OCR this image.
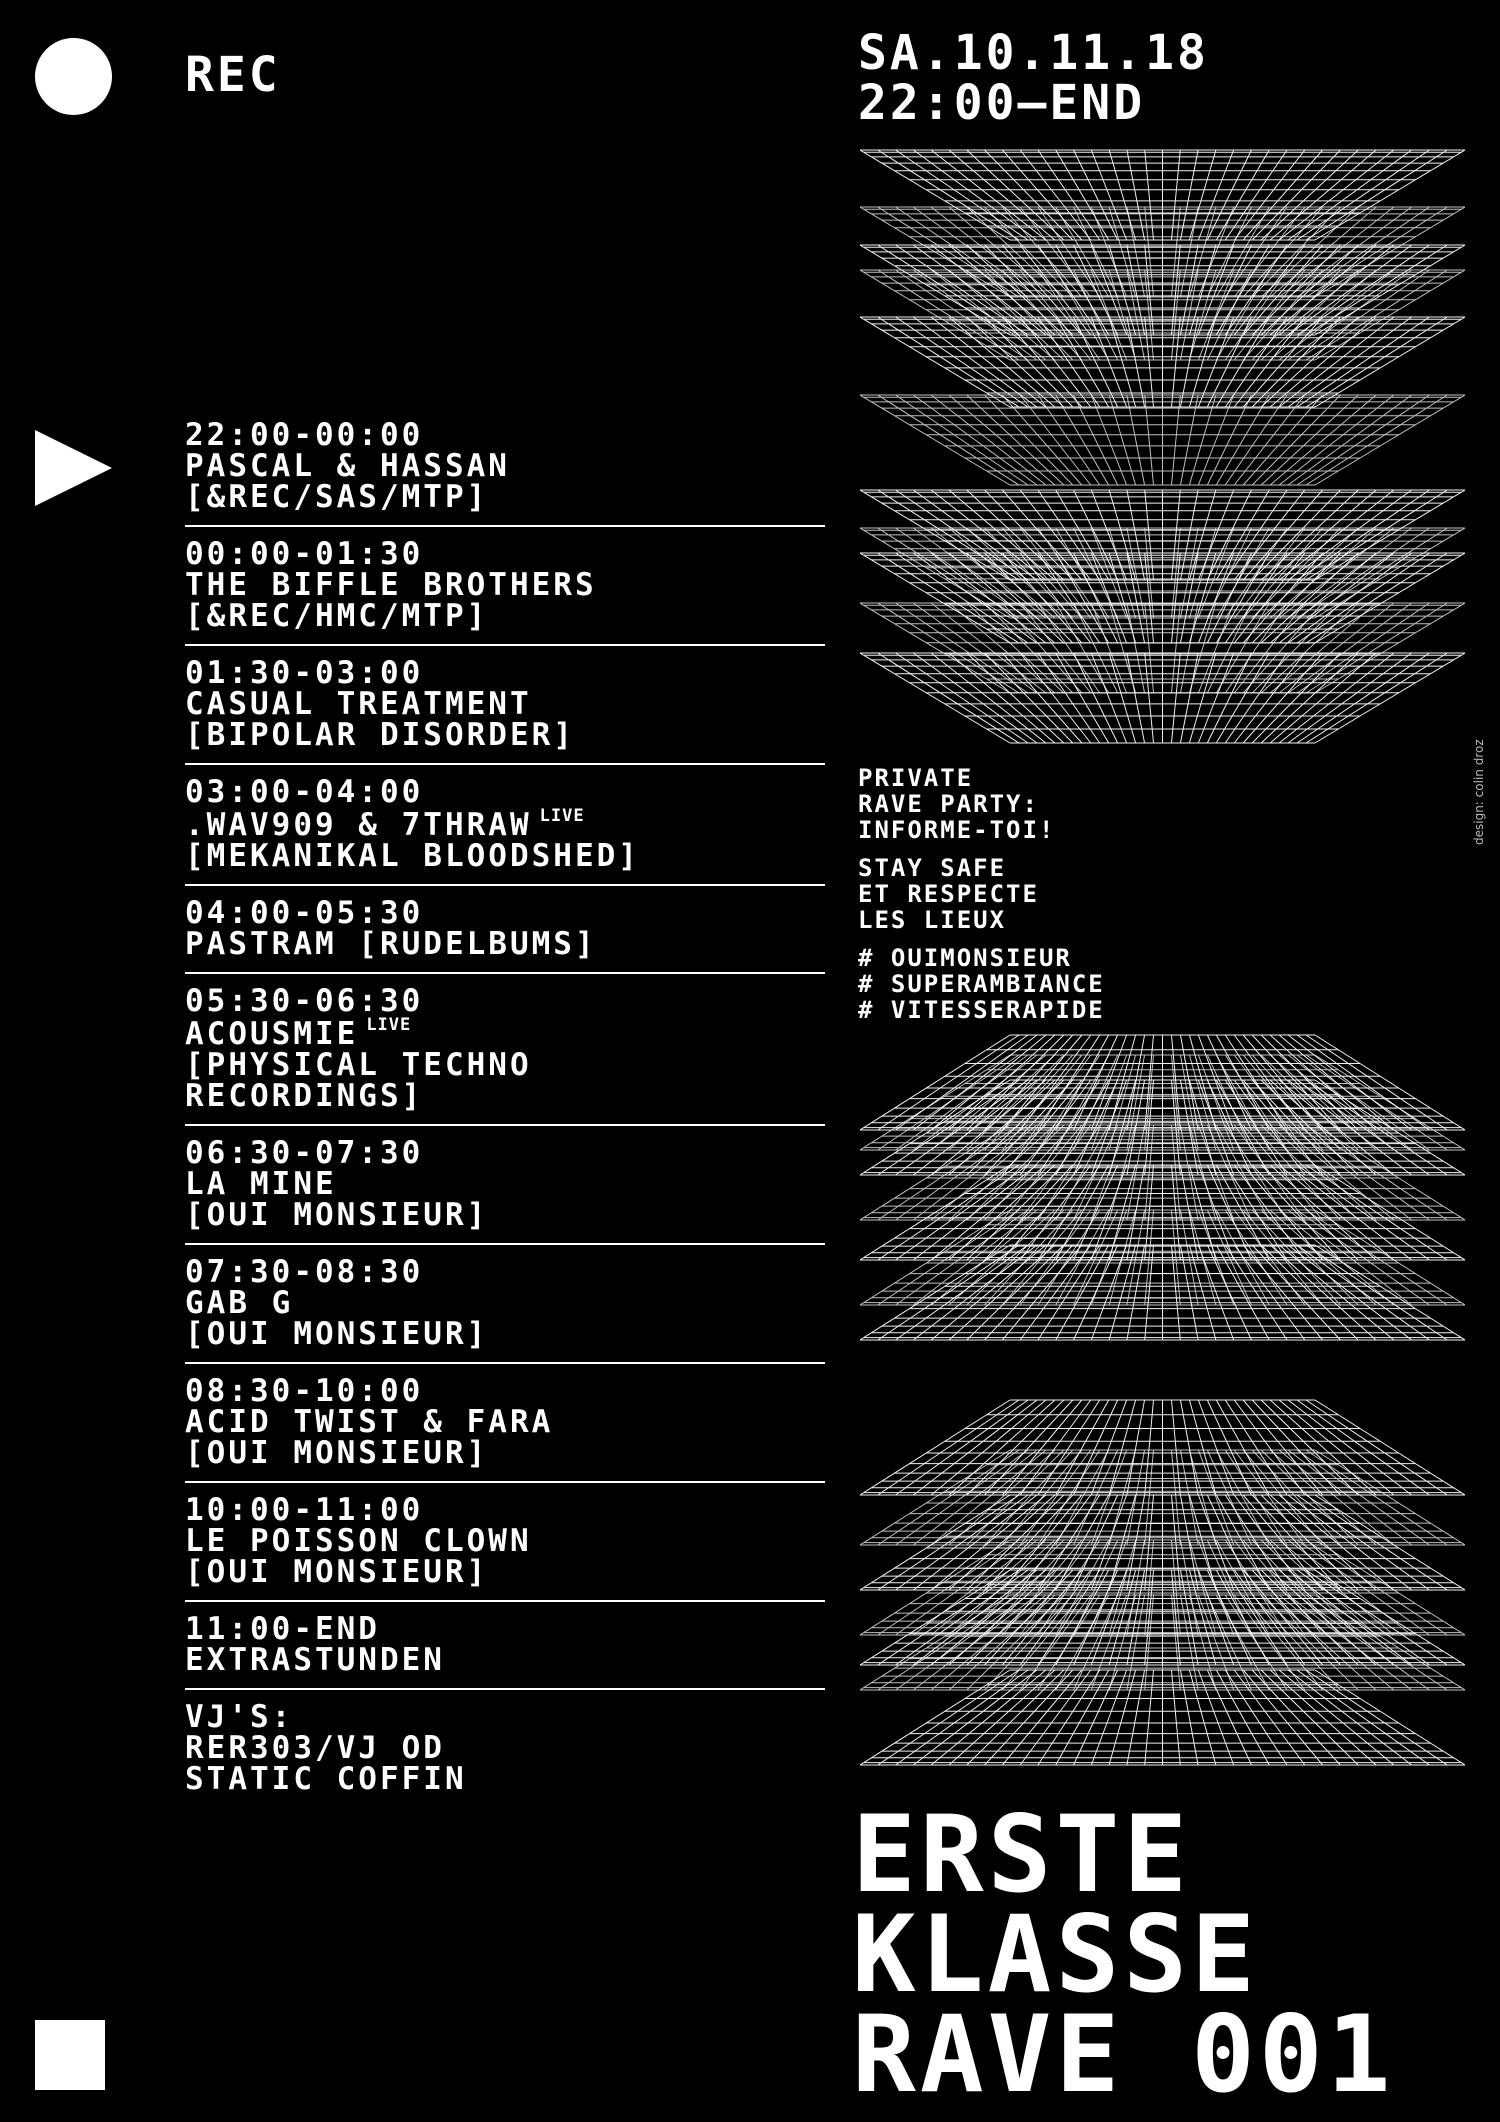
REC	SA.10.11.18
22:00—END
22:00-00:00
PASCAL & HASSAN
[&REC/SAS/MTP]
00:00-01:30
THE BIFFLE BROTHERS
[&REC/HMC/MTP]
01:30-03:00
CASUAL TREATMENT
[BIPOLAR DISORDER]
03:00-04:00
.WAV909 & 7THRAW $^{LIVE}$
[MEKANIKAL BLOODSHED]
04:00-05:30
PASTRAM [RUDELBUMS]
05:30-06:30
ACOUSMIE $^{LIVE}$
[PHYSICAL TECHNO
RECORDINGS]
06:30-07:30
LA MINE
[OUI MONSIEUR]
07:30-08:30
GAB G
[OUI MONSIEUR]
08:30-10:00
ACID TWIST & FARA
[OUI MONSIEUR]
10:00-11:00
LE POISSON CLOWN
[OUI MONSIEUR]
11:00-END
EXTRASTUNDEN
VJ'S:
RER303/VJ OD
STATIC COFFIN
PRIVATE
RAVE PARTY:
INFORME-TOI!
STAY SAFE
ET RESPECTE
LES LIEUX
# OUIMONSIEUR
# SUPERAMBIANCE
# VITESSERAPIDE
design: colin droz
ERSTE
KLASSE
RAVE 001
